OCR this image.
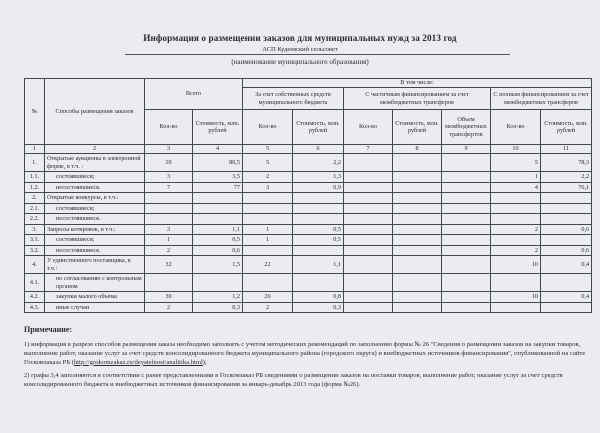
Информация о размещении заказов для муниципальных нужд за 2013 год
АСП Кудеевский сельсовет
(наименование муниципального образования)
№	Способы размещения заказов	Всего		В том числе:						
				За счет собственных средств муниципального бюджета		С частичным финансированием за счет межбюджетных трансферов			С полным финансированием за счет межбюджетных трансферов	
		Кол-во	Стоимость, млн. рублей	Кол-во	Стоимость, млн. рублей	Кол-во	Стоимость, млн. рублей	Объем межбюджетных трансфертов	Кол-во	Стоимость, млн. рублей
1	2	3	4	5	6	7	8	9	10	11
1.	Открытые аукционы в электронной форме, в т.ч. :	10	80,5	5	2,2				5	78,3
1.1.	состоявшиеся;	3	3,5	2	1,3				1	2,2
1.2.	несостоявшиеся.	7	77	3	0,9				4	76,1
2.	Открытые конкурсы, в т.ч.:									
2.1.	состоявшиеся;									
2.2.	несостоявшиеся.									
3.	Запросы котировок, в т.ч.:	3	1,1	1	0,5				2	0,6
3.1.	состоявшиеся;	1	0,5	1	0,5					
3.2.	несостоявшиеся.	2	0,6						2	0,6
4.	У единственного поставщика, в т.ч.:	32	1,5	22	1,1				10	0,4
4.1.	по согласованию с контрольным органом									
4.2.	закупки малого объема	30	1,2	20	0,8				10	0,4
4.3.	иные случаи	2	0,3	2	0,3					
Примечание:

1) информация в разрезе способов размещения заказа необходимо заполнять с учетом методических рекомендаций по заполнению формы № 26 "Сведения о размещении заказов на закупки товаров, выполнение работ, оказание услуг за счет средств консолидированного бюджета муниципального района (городского округа) и внебюджетных источников финансирования", опубликованной на сайте Госкомзаказа РБ (http://goskomzakaz.ru/deyatelnost/analitika.html);

2) графы 3,4 заполняются в соответствии с ранее представленными в Госкомзаказ РБ сведениями о размещении заказов на поставки товаров, выполнение работ, оказание услуг за счет средств консолидированного бюджета и внебюджетных источников финансирования за январь-декабрь 2013 года (форма №26).
